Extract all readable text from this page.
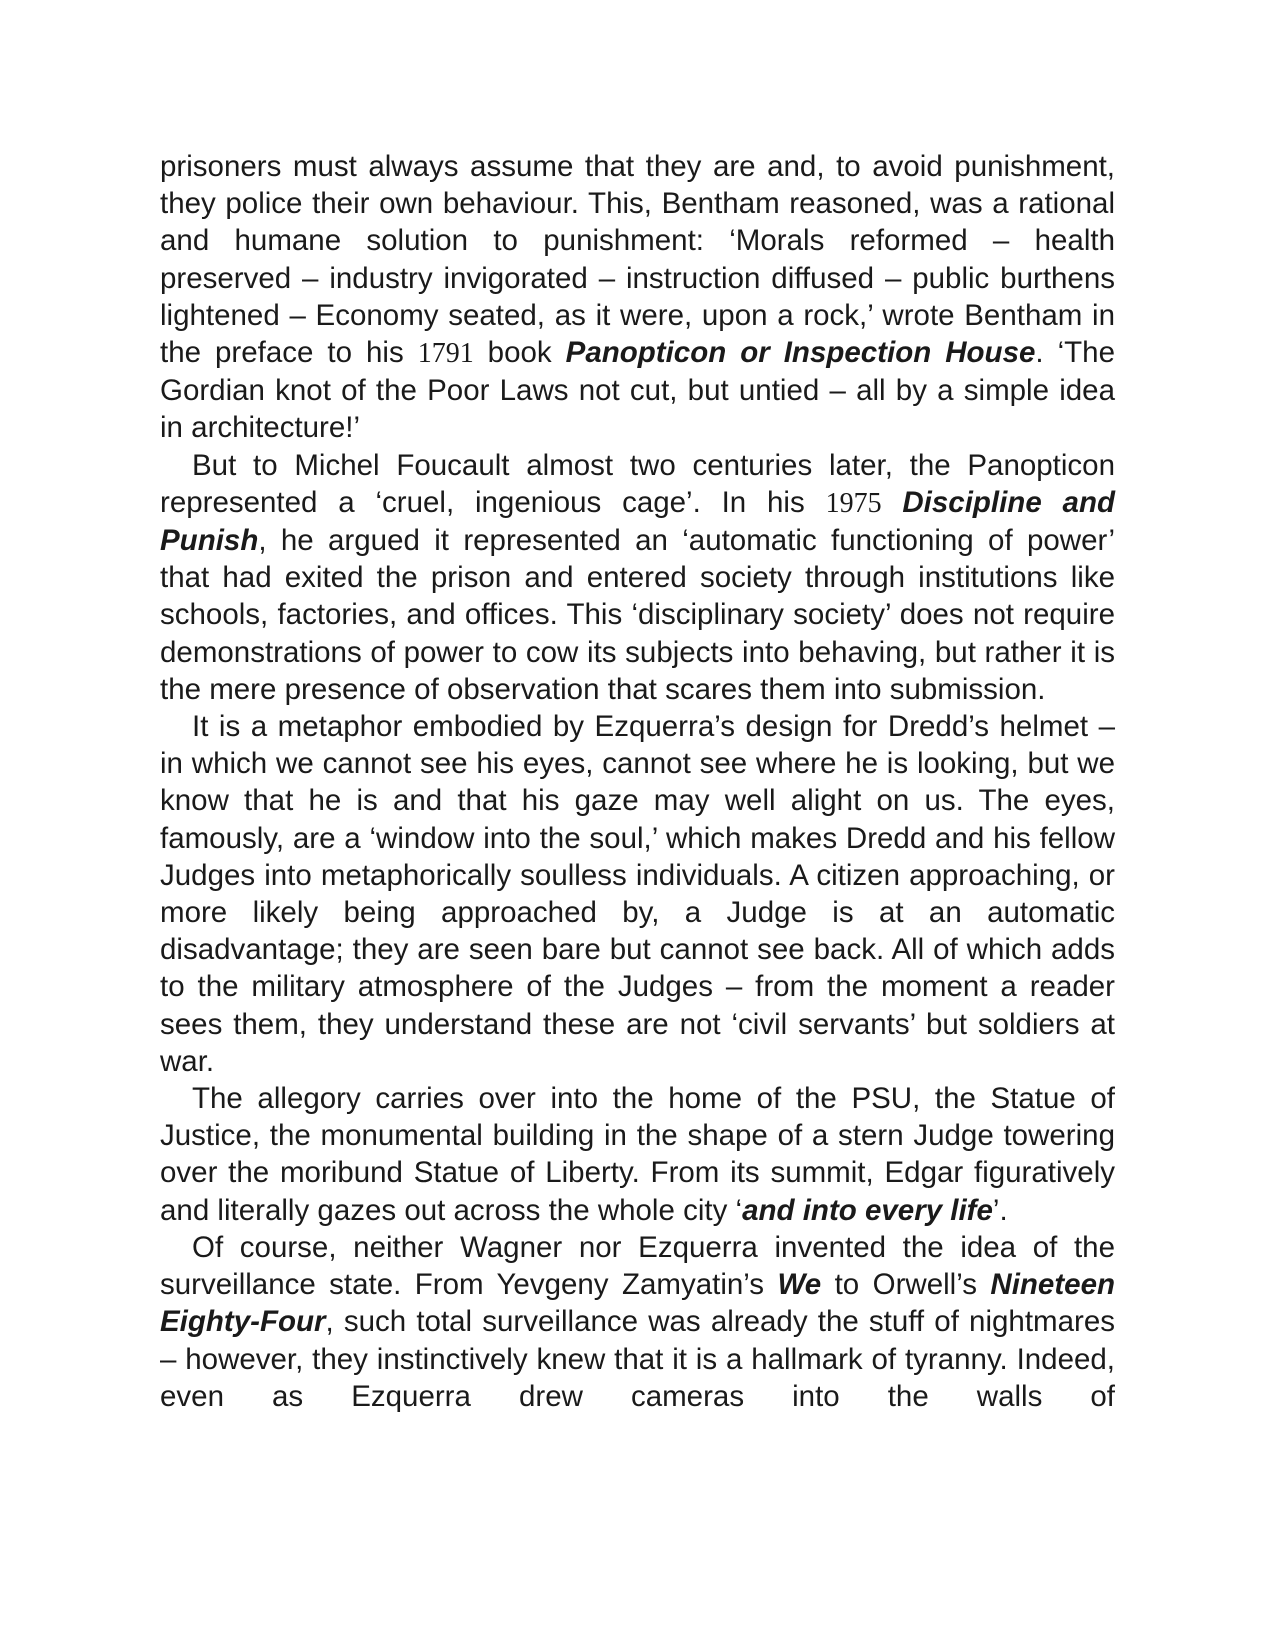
prisoners must always assume that they are and, to avoid punishment, they police their own behaviour. This, Bentham reasoned, was a rational and humane solution to punishment: ‘Morals reformed – health preserved – industry invigorated – instruction diffused – public burthens lightened – Economy seated, as it were, upon a rock,’ wrote Bentham in the preface to his 1791 book Panopticon or Inspection House. ‘The Gordian knot of the Poor Laws not cut, but untied – all by a simple idea in architecture!’

But to Michel Foucault almost two centuries later, the Panopticon represented a ‘cruel, ingenious cage’. In his 1975 Discipline and Punish, he argued it represented an ‘automatic functioning of power’ that had exited the prison and entered society through institutions like schools, factories, and offices. This ‘disciplinary society’ does not require demonstrations of power to cow its subjects into behaving, but rather it is the mere presence of observation that scares them into submission.

It is a metaphor embodied by Ezquerra’s design for Dredd’s helmet – in which we cannot see his eyes, cannot see where he is looking, but we know that he is and that his gaze may well alight on us. The eyes, famously, are a ‘window into the soul,’ which makes Dredd and his fellow Judges into metaphorically soulless individuals. A citizen approaching, or more likely being approached by, a Judge is at an automatic disadvantage; they are seen bare but cannot see back. All of which adds to the military atmosphere of the Judges – from the moment a reader sees them, they understand these are not ‘civil servants’ but soldiers at war.

The allegory carries over into the home of the PSU, the Statue of Justice, the monumental building in the shape of a stern Judge towering over the moribund Statue of Liberty. From its summit, Edgar figuratively and literally gazes out across the whole city ‘and into every life’.

Of course, neither Wagner nor Ezquerra invented the idea of the surveillance state. From Yevgeny Zamyatin’s We to Orwell’s Nineteen Eighty-Four, such total surveillance was already the stuff of nightmares – however, they instinctively knew that it is a hallmark of tyranny. Indeed, even as Ezquerra drew cameras into the walls of
